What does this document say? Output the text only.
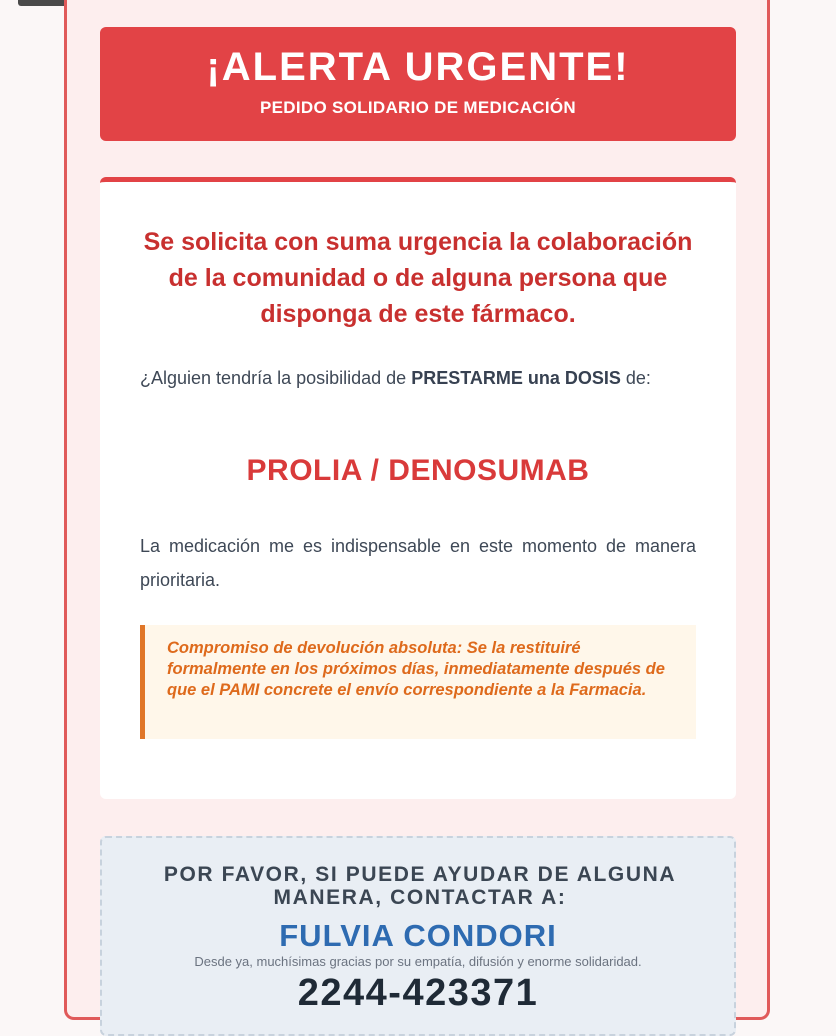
¡ALERTA URGENTE!
PEDIDO SOLIDARIO DE MEDICACIÓN
Se solicita con suma urgencia la colaboración de la comunidad o de alguna persona que disponga de este fármaco.
¿Alguien tendría la posibilidad de PRESTARME una DOSIS de:
PROLIA / DENOSUMAB
La medicación me es indispensable en este momento de manera prioritaria.
Compromiso de devolución absoluta: Se la restituiré formalmente en los próximos días, inmediatamente después de que el PAMI concrete el envío correspondiente a la Farmacia.
POR FAVOR, SI PUEDE AYUDAR DE ALGUNA MANERA, CONTACTAR A:
FULVIA CONDORI
Desde ya, muchísimas gracias por su empatía, difusión y enorme solidaridad.
2244-423371
